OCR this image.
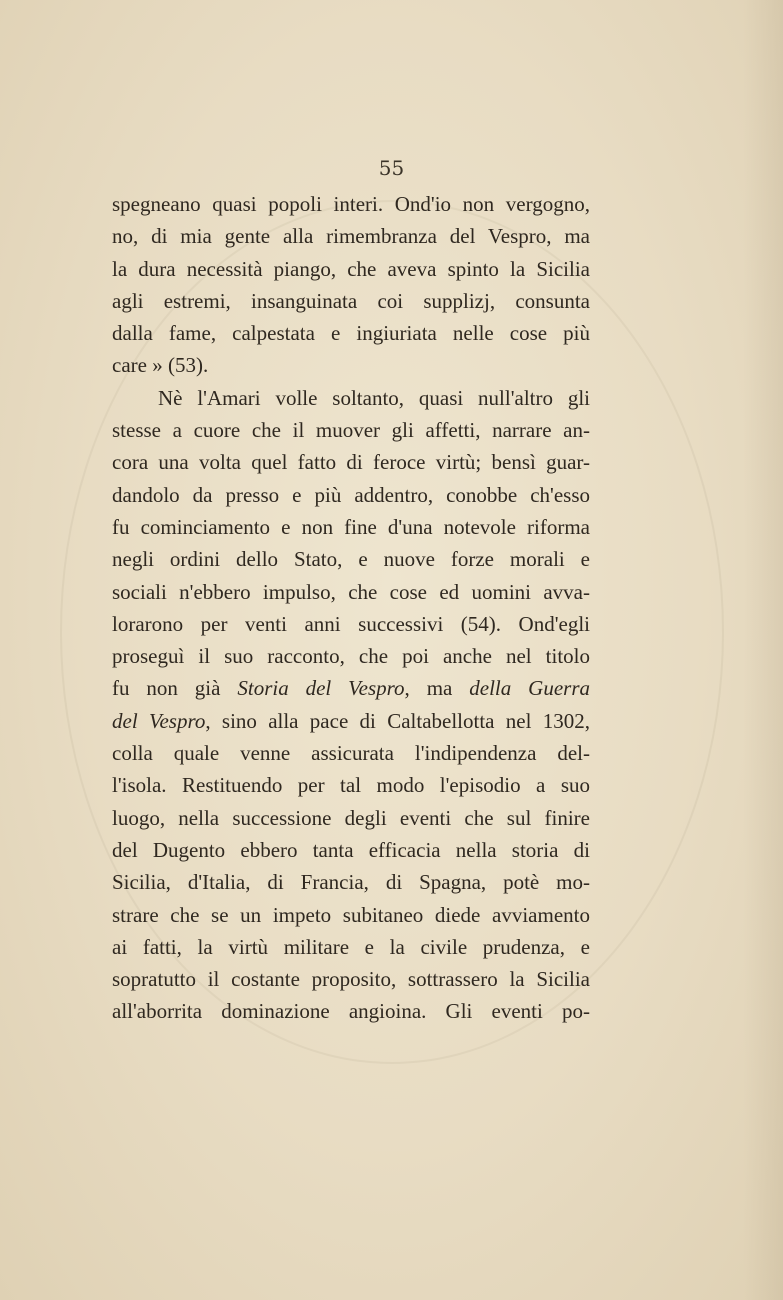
55
spegneano quasi popoli interi. Ond'io non vergogno,
no, di mia gente alla rimembranza del Vespro, ma
la dura necessità piango, che aveva spinto la Sicilia
agli estremi, insanguinata coi supplizj, consunta
dalla fame, calpestata e ingiuriata nelle cose più
care » (53).
Nè l'Amari volle soltanto, quasi null'altro gli
stesse a cuore che il muover gli affetti, narrare an-
cora una volta quel fatto di feroce virtù; bensì guar-
dandolo da presso e più addentro, conobbe ch'esso
fu cominciamento e non fine d'una notevole riforma
negli ordini dello Stato, e nuove forze morali e
sociali n'ebbero impulso, che cose ed uomini avva-
lorarono per venti anni successivi (54). Ond'egli
proseguì il suo racconto, che poi anche nel titolo
fu non già Storia del Vespro, ma della Guerra
del Vespro, sino alla pace di Caltabellotta nel 1302,
colla quale venne assicurata l'indipendenza del-
l'isola. Restituendo per tal modo l'episodio a suo
luogo, nella successione degli eventi che sul finire
del Dugento ebbero tanta efficacia nella storia di
Sicilia, d'Italia, di Francia, di Spagna, potè mo-
strare che se un impeto subitaneo diede avviamento
ai fatti, la virtù militare e la civile prudenza, e
sopratutto il costante proposito, sottrassero la Sicilia
all'aborrita dominazione angioina. Gli eventi po-
